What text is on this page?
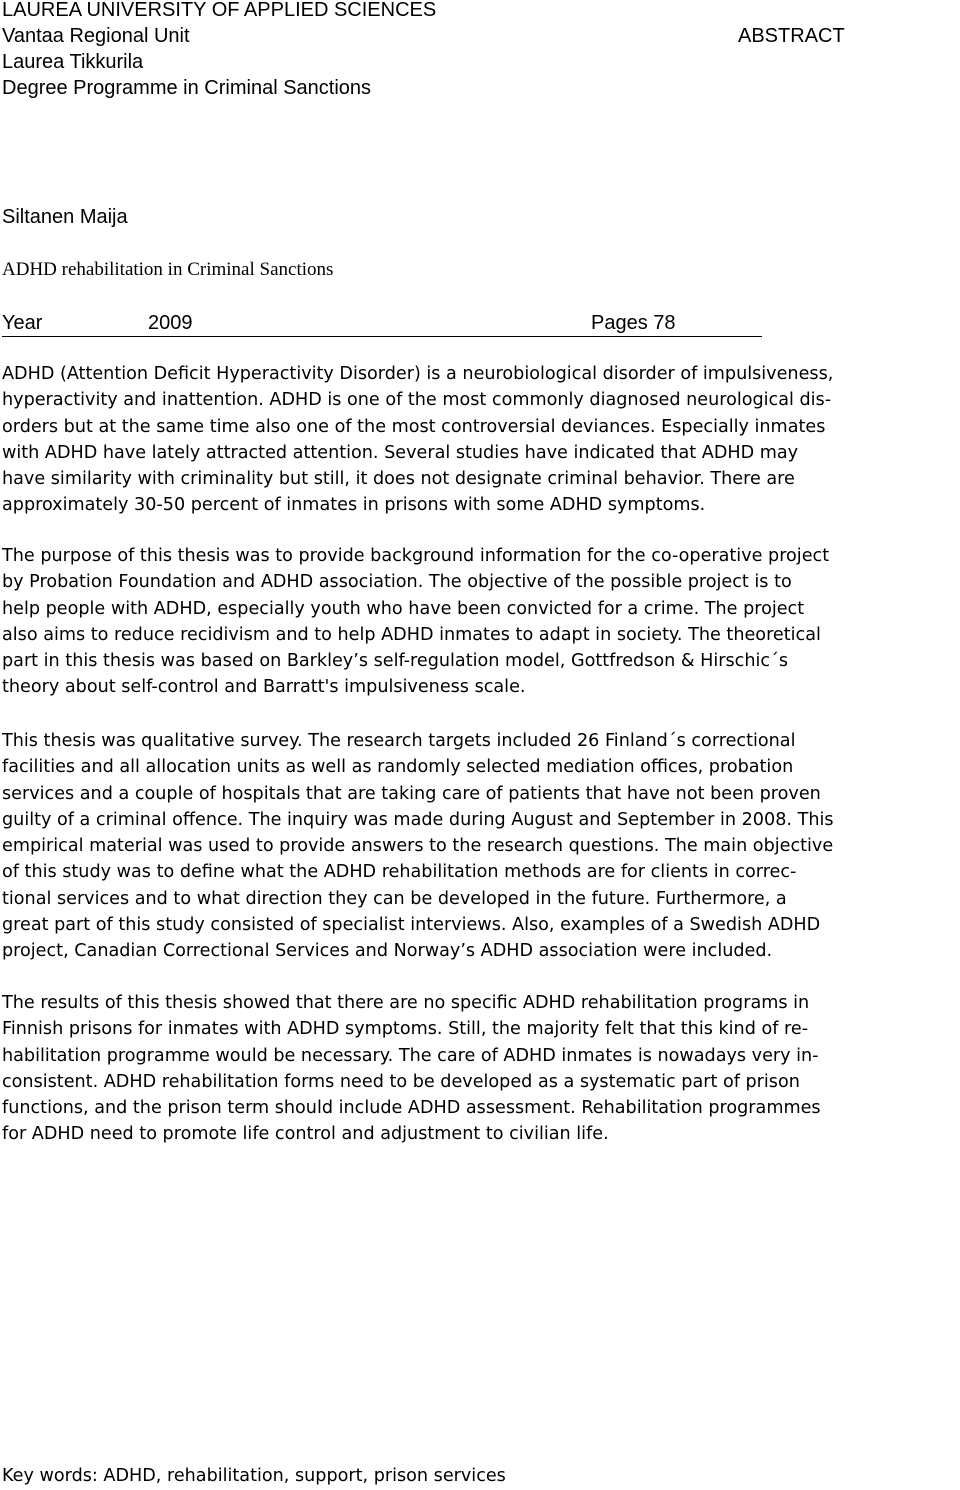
LAUREA UNIVERSITY OF APPLIED SCIENCES
Vantaa Regional Unit
Laurea Tikkurila
Degree Programme in Criminal Sanctions
ABSTRACT
Siltanen Maija
ADHD rehabilitation in Criminal Sanctions
Year	2009	Pages 78

ADHD (Attention Deficit Hyperactivity Disorder) is a neurobiological disorder of impulsiveness,
hyperactivity and inattention. ADHD is one of the most commonly diagnosed neurological dis-
orders but at the same time also one of the most controversial deviances. Especially inmates
with ADHD have lately attracted attention. Several studies have indicated that ADHD may
have similarity with criminality but still, it does not designate criminal behavior. There are
approximately 30-50 percent of inmates in prisons with some ADHD symptoms.

The purpose of this thesis was to provide background information for the co-operative project
by Probation Foundation and ADHD association. The objective of the possible project is to
help people with ADHD, especially youth who have been convicted for a crime. The project
also aims to reduce recidivism and to help ADHD inmates to adapt in society. The theoretical
part in this thesis was based on Barkley’s self-regulation model, Gottfredson & Hirschic´s
theory about self-control and Barratt's impulsiveness scale.

This thesis was qualitative survey. The research targets included 26 Finland´s correctional
facilities and all allocation units as well as randomly selected mediation offices, probation
services and a couple of hospitals that are taking care of patients that have not been proven
guilty of a criminal offence. The inquiry was made during August and September in 2008. This
empirical material was used to provide answers to the research questions. The main objective
of this study was to define what the ADHD rehabilitation methods are for clients in correc-
tional services and to what direction they can be developed in the future. Furthermore, a
great part of this study consisted of specialist interviews. Also, examples of a Swedish ADHD
project, Canadian Correctional Services and Norway’s ADHD association were included.

The results of this thesis showed that there are no specific ADHD rehabilitation programs in
Finnish prisons for inmates with ADHD symptoms. Still, the majority felt that this kind of re-
habilitation programme would be necessary. The care of ADHD inmates is nowadays very in-
consistent. ADHD rehabilitation forms need to be developed as a systematic part of prison
functions, and the prison term should include ADHD assessment. Rehabilitation programmes
for ADHD need to promote life control and adjustment to civilian life.

Key words: ADHD, rehabilitation, support, prison services
